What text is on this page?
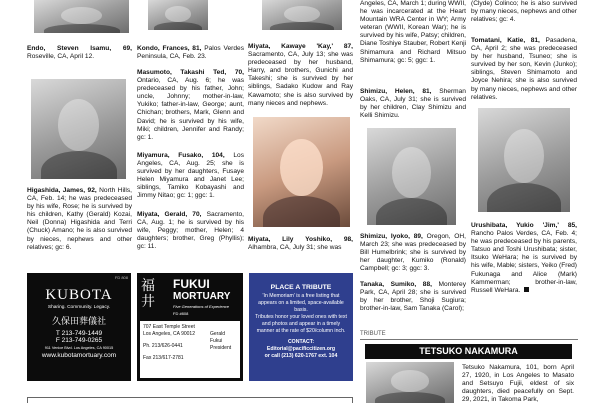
Endo, Steven Isamu, 69, Roseville, CA, April 12.
Higashida, James, 92, North Hills, CA, Feb. 14; he was predeceased by his wife, Rose; he is survived by his children, Kathy (Gerald) Kozai, Neil (Donna) Higashida and Terri (Chuck) Amano; he is also survived by nieces, nephews and other relatives; gc: 6.
Kondo, Frances, 81, Palos Verdes Peninsula, CA, Feb. 23.
Masumoto, Takashi Ted, 70, Ontario, CA, Aug. 6; he was predeceased by his father, John; uncle, Johnny; mother-in-law, Yukiko; father-in-law, George; aunt, Chichan; brothers, Mark, Glenn and David; he is survived by his wife, Miki; children, Jennifer and Randy; gc: 1.
Miyamura, Fusako, 104, Los Angeles, CA, Aug. 25; she is survived by her daughters, Fusaye Helen Miyamura and Janet Lee; siblings, Tamiko Kobayashi and Jimmy Nitao; gc: 1; ggc: 1.
Miyata, Gerald, 70, Sacramento, CA, Aug. 1; he is survived by his wife, Peggy; mother, Helen; 4 daughters; brother, Greg (Phyllis); gc: 11.
Miyata, Kawaye 'Kay,' 87, Sacramento, CA, July 13; she was predeceased by her husband, Harry, and brothers, Gunichi and Takeshi; she is survived by her siblings, Sadako Kudow and Ray Kawamoto; she is also survived by many nieces and nephews.
Miyata, Lily Yoshiko, 98, Alhambra, CA, July 31; she was
Angeles, CA, March 1; during WWII, he was incarcerated at the Heart Mountain WRA Center in WY; Army veteran (WWII, Korean War); he is survived by his wife, Patsy; children, Diane Toshiye Stauber, Robert Kenji Shimamura and Richard Mitsuo Shimamura; gc: 5; ggc: 1.
Shimizu, Helen, 81, Sherman Oaks, CA, July 31; she is survived by her children, Clay Shimizu and Kelli Shimizu.
Shimizu, Iyoko, 89, Oregon, OH, March 23; she was predeceased by Bill Humelbrink; she is survived by her daughter, Kumiko (Ronald) Campbell; gc: 3; ggc: 3.
Tanaka, Sumiko, 88, Monterey Park, CA, April 28; she is survived by her brother, Shoji Sugiura; brother-in-law, Sam Tanaka (Carol);
(Clyde) Colinco; he is also survived by many nieces, nephews and other relatives; gc: 4.
Tomatani, Katie, 81, Pasadena, CA, April 2; she was predeceased by her husband, Tsuneo; she is survived by her son, Kevin (Junko); siblings, Steven Shimamoto and Joyce Nehira; she is also survived by many nieces, nephews and other relatives.
Urushibata, Yukio 'Jim,' 85, Rancho Palos Verdes, CA, Feb. 4; he was predeceased by his parents, Tatsuo and Toshi Urushibata; sister, Itsuko WeHara; he is survived by his wife, Mable; sisters, Yeiko (Fred) Fukunaga and Alice (Mark) Kammerman; brother-in-law, Russell WeHara.
FD 808
KUBOTA
Sharing. Community. Legacy.
久保田葬儀社
T 213-749-1449
F 213-749-0265
911 Venice Blvd. Los Angeles, CA 90015
www.kubotamortuary.com
福井
FUKUI
MORTUARY
Five Generations of Experience
FD #808
707 East Temple Street
Los Angeles, CA 90012
Ph. 213/626-0441
Fax 213/617-2781
Gerald Fukui
President
PLACE A TRIBUTE
'In Memoriam' is a free listing that appears on a limited, space-available basis.
Tributes honor your loved ones with text and photos and appear in a timely manner at the rate of $20/column inch.
CONTACT:
Editorial@pacificcitizen.org
or call (213) 620-1767 ext. 104
TRIBUTE
TETSUKO NAKAMURA
Tetsuko Nakamura, 101, born April 27, 1920, in Los Angeles to Masato and Setsuyo Fujii, eldest of six daughters, died peacefully on Sept. 29, 2021, in Takoma Park,
